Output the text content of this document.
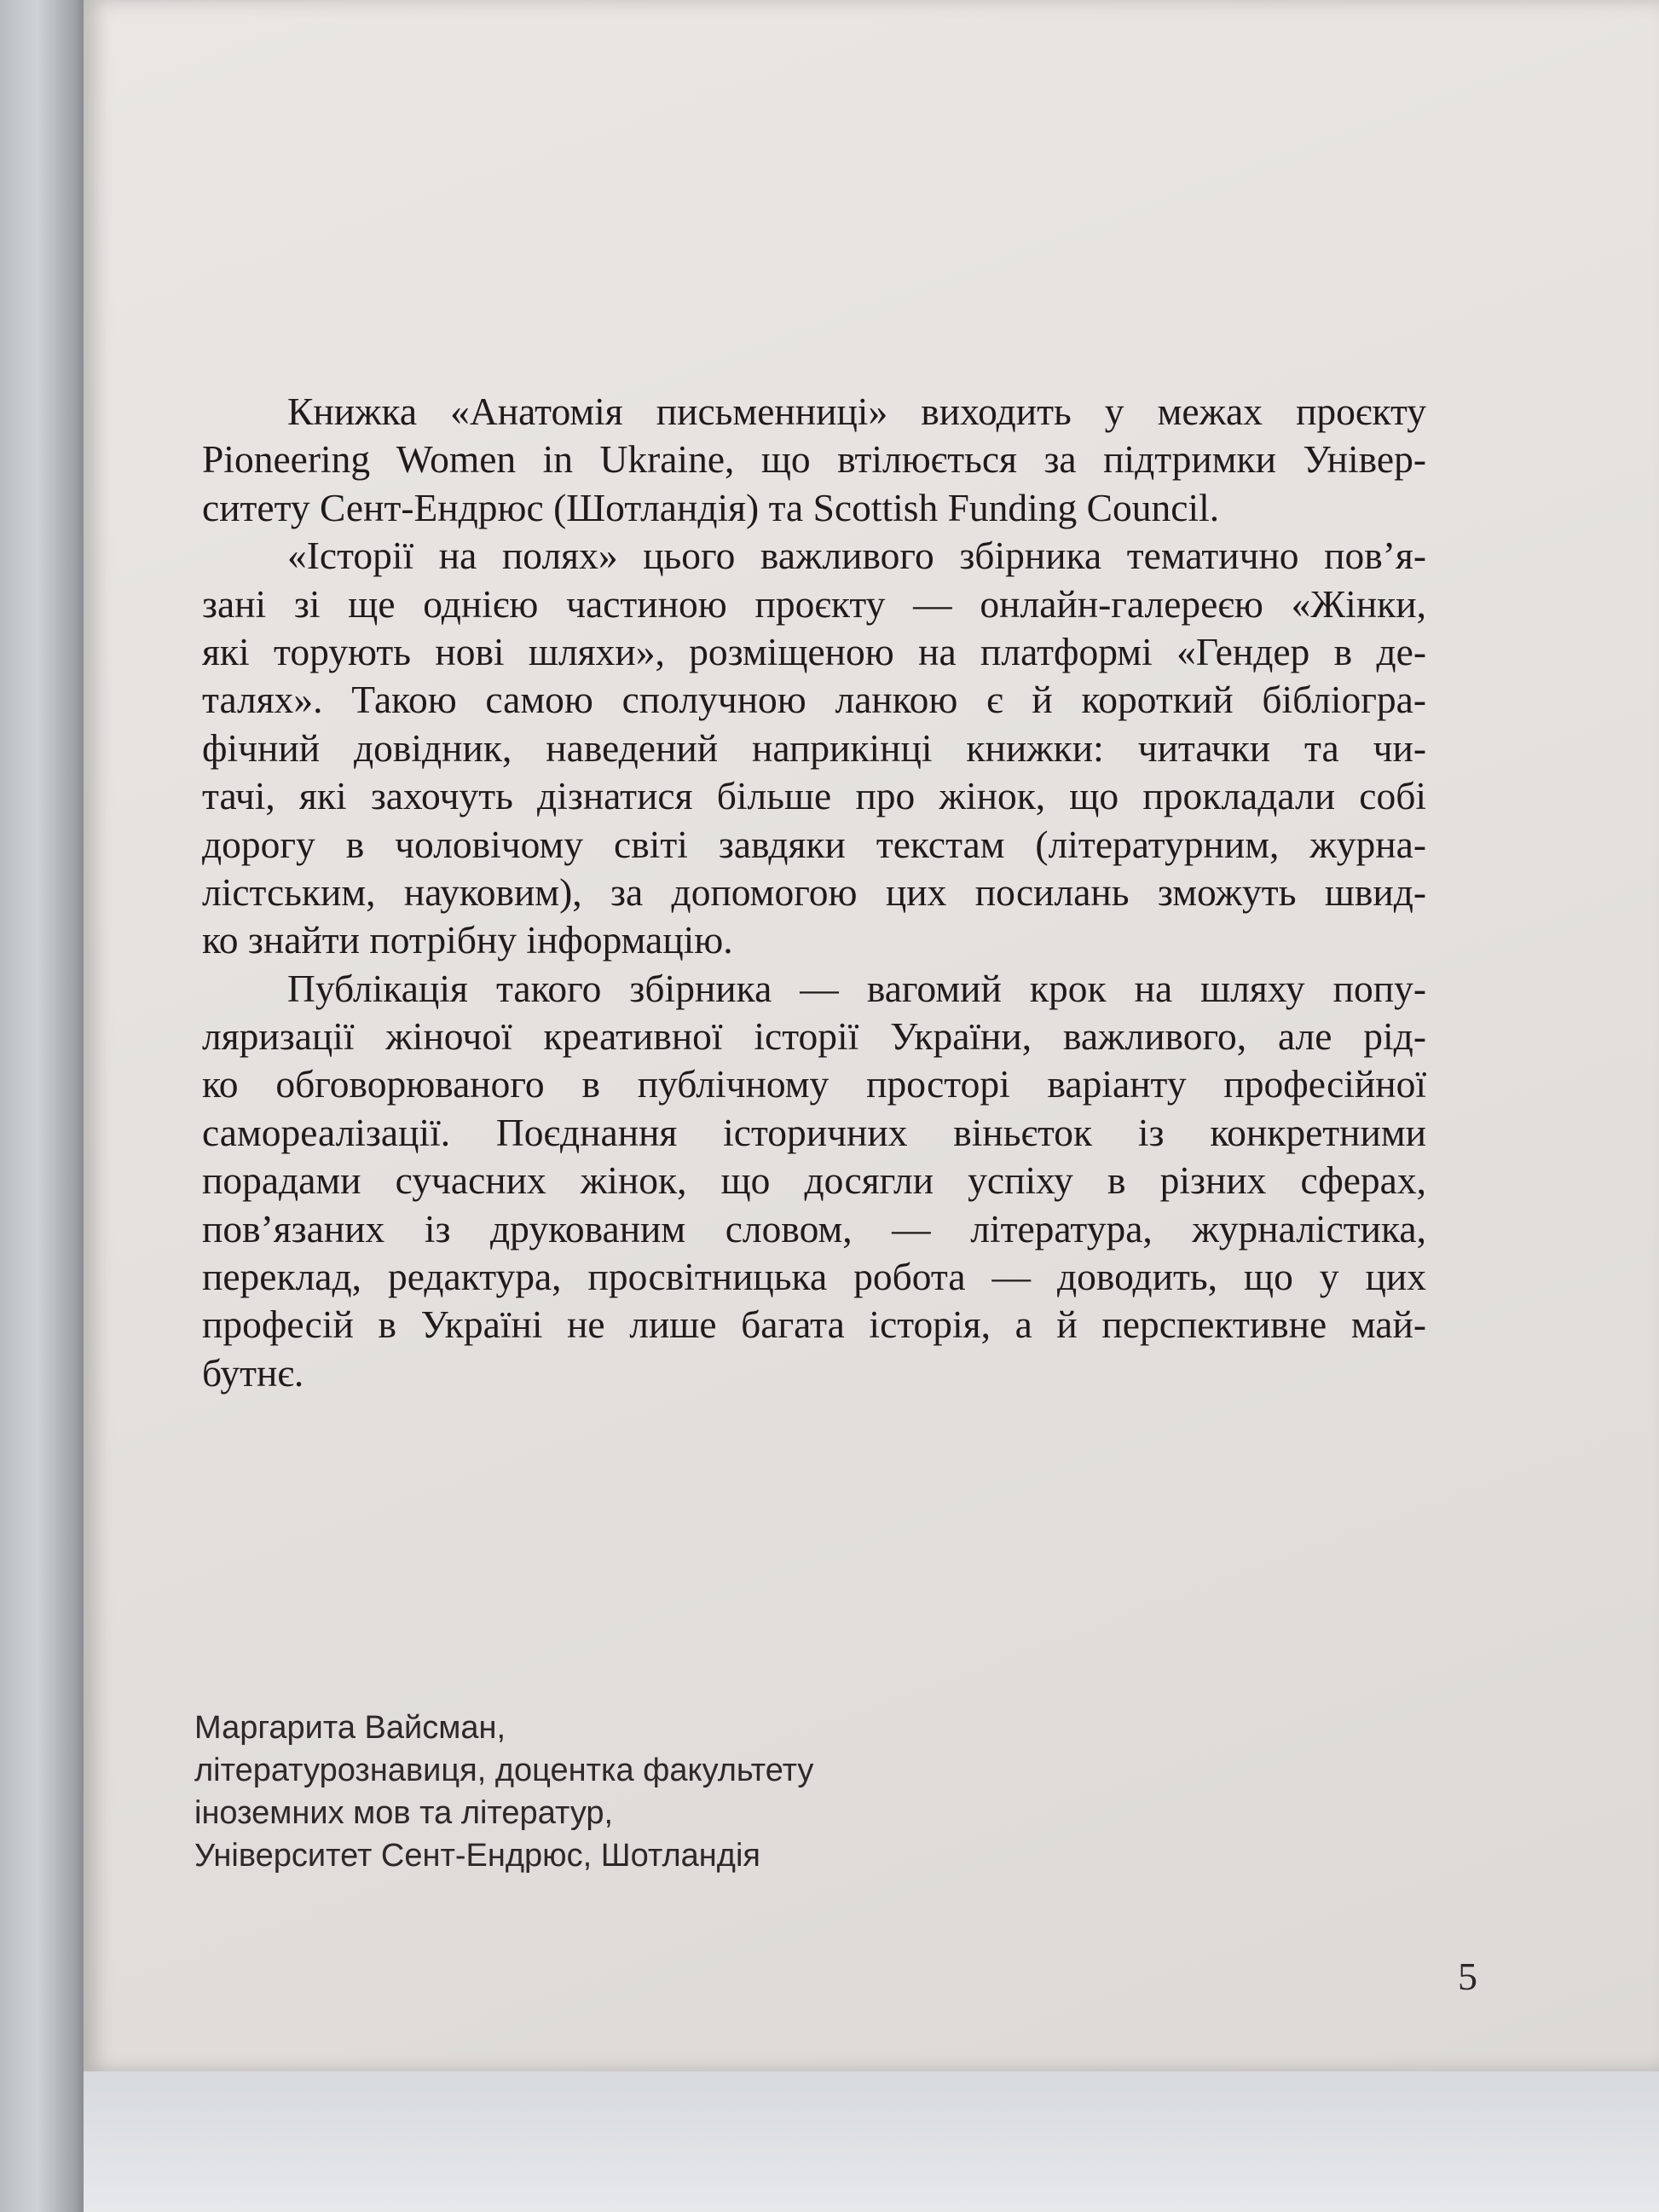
Книжка «Анатомія письменниці» виходить у межах проєкту
Pioneering Women in Ukraine, що втілюється за підтримки Універ-
ситету Сент-Ендрюс (Шотландія) та Scottish Funding Council.
«Історії на полях» цього важливого збірника тематично пов’я-
зані зі ще однією частиною проєкту — онлайн-галереєю «Жінки,
які торують нові шляхи», розміщеною на платформі «Гендер в де-
талях». Такою самою сполучною ланкою є й короткий бібліогра-
фічний довідник, наведений наприкінці книжки: читачки та чи-
тачі, які захочуть дізнатися більше про жінок, що прокладали собі
дорогу в чоловічому світі завдяки текстам (літературним, журна-
лістським, науковим), за допомогою цих посилань зможуть швид-
ко знайти потрібну інформацію.
Публікація такого збірника — вагомий крок на шляху попу-
ляризації жіночої креативної історії України, важливого, але рід-
ко обговорюваного в публічному просторі варіанту професійної
самореалізації. Поєднання історичних віньєток із конкретними
порадами сучасних жінок, що досягли успіху в різних сферах,
пов’язаних із друкованим словом, — література, журналістика,
переклад, редактура, просвітницька робота — доводить, що у цих
професій в Україні не лише багата історія, а й перспективне май-
бутнє.
Маргарита Вайсман,
літературознавиця, доцентка факультету
іноземних мов та літератур,
Університет Сент-Ендрюс, Шотландія
5
